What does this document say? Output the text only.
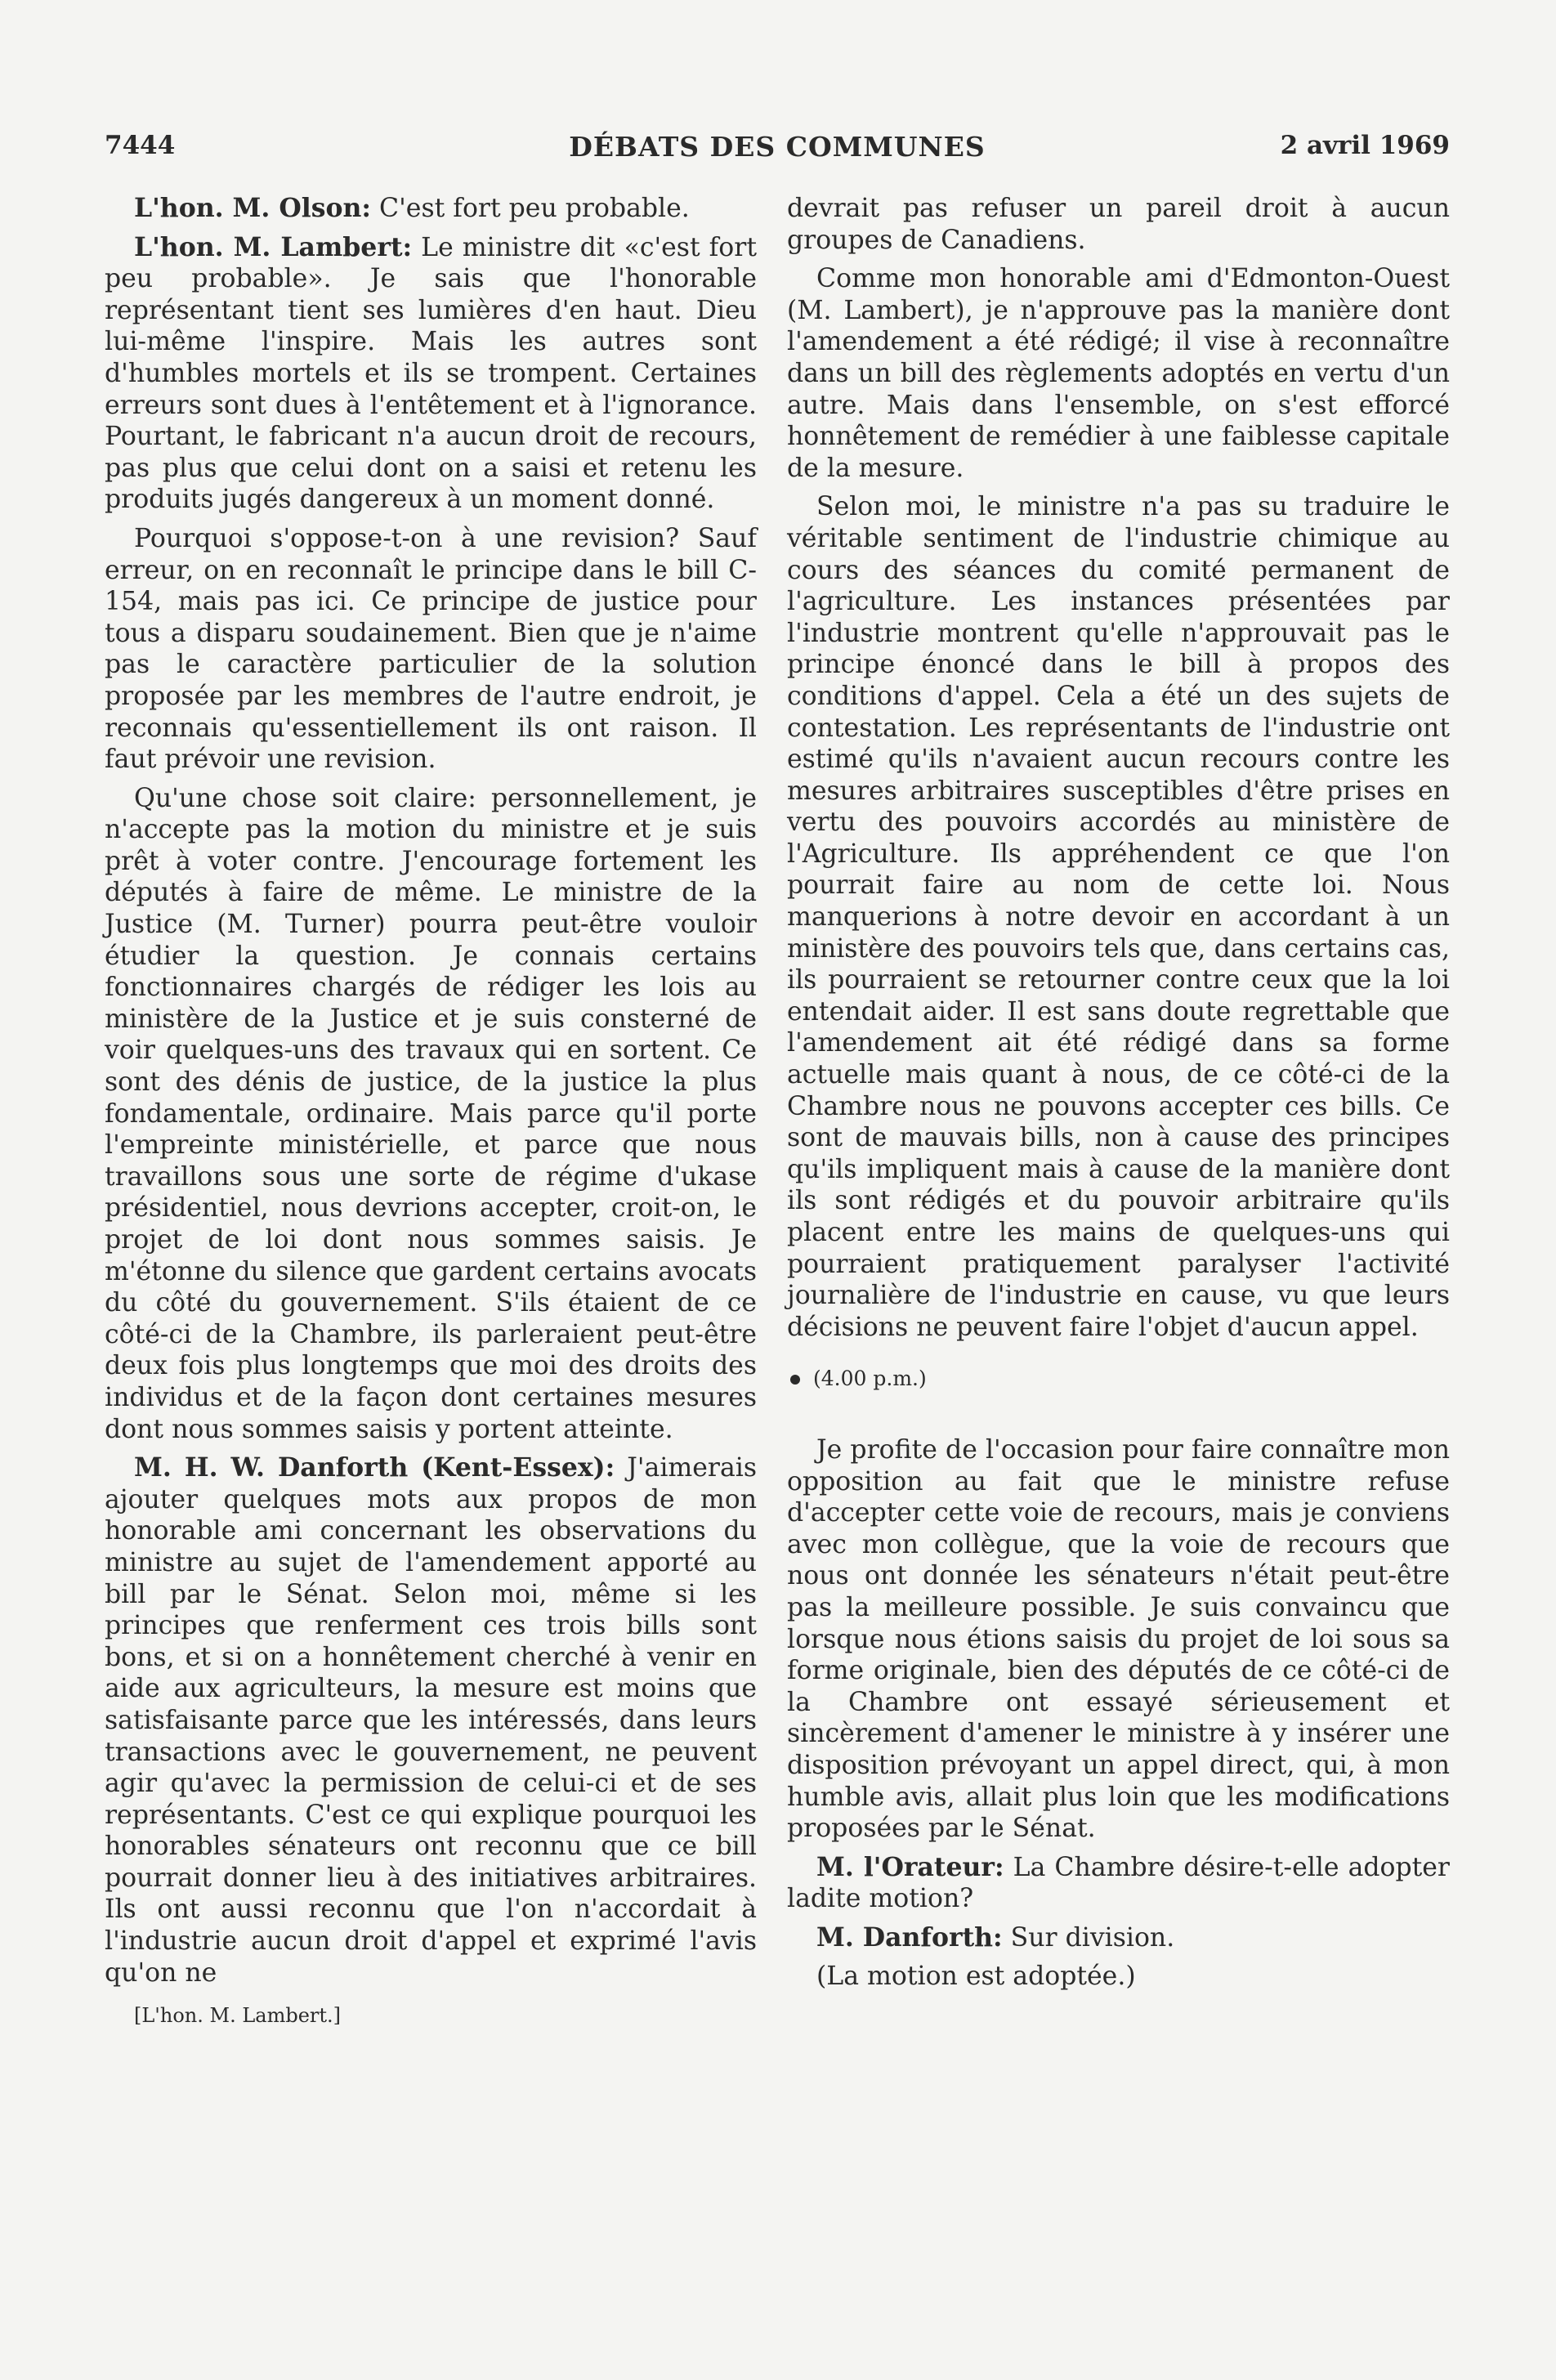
7444	DÉBATS DES COMMUNES	2 avril 1969

L'hon. M. Olson: C'est fort peu probable.

L'hon. M. Lambert: Le ministre dit «c'est fort peu probable». Je sais que l'honorable représentant tient ses lumières d'en haut. Dieu lui-même l'inspire. Mais les autres sont d'humbles mortels et ils se trompent. Certaines erreurs sont dues à l'entêtement et à l'ignorance. Pourtant, le fabricant n'a aucun droit de recours, pas plus que celui dont on a saisi et retenu les produits jugés dangereux à un moment donné.

Pourquoi s'oppose-t-on à une revision? Sauf erreur, on en reconnaît le principe dans le bill C-154, mais pas ici. Ce principe de justice pour tous a disparu soudainement. Bien que je n'aime pas le caractère particulier de la solution proposée par les membres de l'autre endroit, je reconnais qu'essentiellement ils ont raison. Il faut prévoir une revision.

Qu'une chose soit claire: personnellement, je n'accepte pas la motion du ministre et je suis prêt à voter contre. J'encourage fortement les députés à faire de même. Le ministre de la Justice (M. Turner) pourra peut-être vouloir étudier la question. Je connais certains fonctionnaires chargés de rédiger les lois au ministère de la Justice et je suis consterné de voir quelques-uns des travaux qui en sortent. Ce sont des dénis de justice, de la justice la plus fondamentale, ordinaire. Mais parce qu'il porte l'empreinte ministérielle, et parce que nous travaillons sous une sorte de régime d'ukase présidentiel, nous devrions accepter, croit-on, le projet de loi dont nous sommes saisis. Je m'étonne du silence que gardent certains avocats du côté du gouvernement. S'ils étaient de ce côté-ci de la Chambre, ils parleraient peut-être deux fois plus longtemps que moi des droits des individus et de la façon dont certaines mesures dont nous sommes saisis y portent atteinte.

M. H. W. Danforth (Kent-Essex): J'aimerais ajouter quelques mots aux propos de mon honorable ami concernant les observations du ministre au sujet de l'amendement apporté au bill par le Sénat. Selon moi, même si les principes que renferment ces trois bills sont bons, et si on a honnêtement cherché à venir en aide aux agriculteurs, la mesure est moins que satisfaisante parce que les intéressés, dans leurs transactions avec le gouvernement, ne peuvent agir qu'avec la permission de celui-ci et de ses représentants. C'est ce qui explique pourquoi les honorables sénateurs ont reconnu que ce bill pourrait donner lieu à des initiatives arbitraires. Ils ont aussi reconnu que l'on n'accordait à l'industrie aucun droit d'appel et exprimé l'avis qu'on ne

[L'hon. M. Lambert.]

devrait pas refuser un pareil droit à aucun groupes de Canadiens.

Comme mon honorable ami d'Edmonton-Ouest (M. Lambert), je n'approuve pas la manière dont l'amendement a été rédigé; il vise à reconnaître dans un bill des règlements adoptés en vertu d'un autre. Mais dans l'ensemble, on s'est efforcé honnêtement de remédier à une faiblesse capitale de la mesure.

Selon moi, le ministre n'a pas su traduire le véritable sentiment de l'industrie chimique au cours des séances du comité permanent de l'agriculture. Les instances présentées par l'industrie montrent qu'elle n'approuvait pas le principe énoncé dans le bill à propos des conditions d'appel. Cela a été un des sujets de contestation. Les représentants de l'industrie ont estimé qu'ils n'avaient aucun recours contre les mesures arbitraires susceptibles d'être prises en vertu des pouvoirs accordés au ministère de l'Agriculture. Ils appréhendent ce que l'on pourrait faire au nom de cette loi. Nous manquerions à notre devoir en accordant à un ministère des pouvoirs tels que, dans certains cas, ils pourraient se retourner contre ceux que la loi entendait aider. Il est sans doute regrettable que l'amendement ait été rédigé dans sa forme actuelle mais quant à nous, de ce côté-ci de la Chambre nous ne pouvons accepter ces bills. Ce sont de mauvais bills, non à cause des principes qu'ils impliquent mais à cause de la manière dont ils sont rédigés et du pouvoir arbitraire qu'ils placent entre les mains de quelques-uns qui pourraient pratiquement paralyser l'activité journalière de l'industrie en cause, vu que leurs décisions ne peuvent faire l'objet d'aucun appel.

(4.00 p.m.)

Je profite de l'occasion pour faire connaître mon opposition au fait que le ministre refuse d'accepter cette voie de recours, mais je conviens avec mon collègue, que la voie de recours que nous ont donnée les sénateurs n'était peut-être pas la meilleure possible. Je suis convaincu que lorsque nous étions saisis du projet de loi sous sa forme originale, bien des députés de ce côté-ci de la Chambre ont essayé sérieusement et sincèrement d'amener le ministre à y insérer une disposition prévoyant un appel direct, qui, à mon humble avis, allait plus loin que les modifications proposées par le Sénat.

M. l'Orateur: La Chambre désire-t-elle adopter ladite motion?

M. Danforth: Sur division.

(La motion est adoptée.)
